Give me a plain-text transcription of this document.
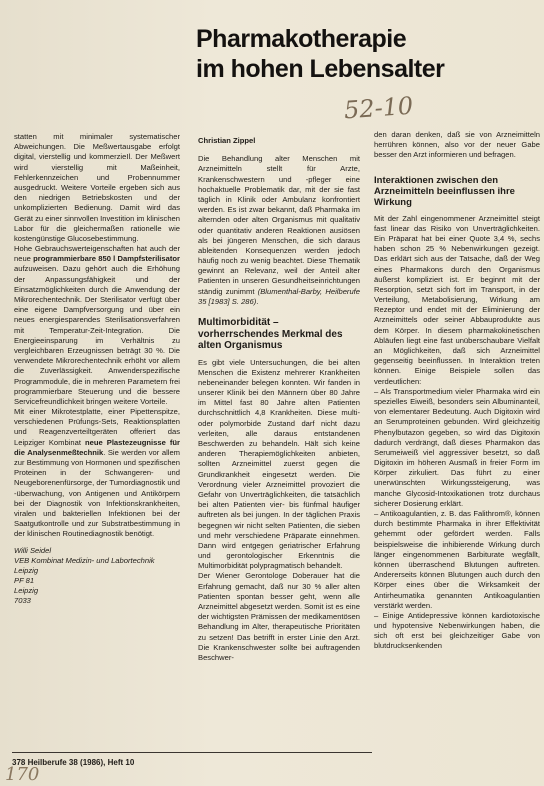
Pharmakotherapie
im hohen Lebensalter
52-10

statten mit minimaler systematischer Abweichungen. Die Meßwertausgabe erfolgt digital, vierstellig und kommerzieIl. Der Meßwert wird vierstellig mit Maßeinheit, Fehlerkennzeichen und Probennummer ausgedruckt. Weitere Vorteile ergeben sich aus den niedrigen Betriebskosten und der unkomplizierten Bedienung. Damit wird das Gerät zu einer sinnvollen Investition im klinischen Labor für die gleichermaßen rationelle wie kostengünstige Glucosebestimmung.

Hohe Gebrauchswerteigenschaften hat auch der neue programmierbare 850 l Dampfsterilisator aufzuweisen. Dazu gehört auch die Erhöhung der Anpassungsfähigkeit und der Einsatzmöglichkeiten durch die Anwendung der Mikrorechentechnik. Der Sterilisator verfügt über eine eigene Dampfversorgung und über ein neues energiesparendes Sterilisationsverfahren mit Temperatur-Zeit-Integration. Die Energieeinsparung im Verhältnis zu vergleichbaren Erzeugnissen beträgt 30 %. Die verwendete Mikrorechentechnik erhöht vor allem die Zuverlässigkeit. Anwenderspezifische Programmodule, die in mehreren Parametern frei programmierbare Steuerung und die bessere Servicefreundlichkeit bringen weitere Vorteile.

Mit einer Mikrotestplatte, einer Pipettenspitze, verschiedenen Prüfungs-Sets, Reaktionsplatten und Reagenzverteiltgeräten offeriert das Leipziger Kombinat neue Plastezeugnisse für die Analysenmeßtechnik. Sie werden vor allem zur Bestimmung von Hormonen und spezifischen Proteinen in der Schwangeren- und Neugeborenenfürsorge, der Tumordiagnostik und -überwachung, von Antigenen und Antikörpern bei der Diagnostik von Infektionskrankheiten, viralen und bakteriellen Infektionen bei der Saatgutkontrolle und zur Substratbestimmung in der klinischen Routinediagnostik benötigt.

Willi Seidel
VEB Kombinat Medizin- und Labortechnik Leipzig
PF 81
Leipzig
7033
Christian Zippel

Die Behandlung alter Menschen mit Arzneimitteln stellt für Arzte, Krankenschwestern und -pfleger eine hochaktuelle Problematik dar, mit der sie fast täglich in Klinik oder Ambulanz konfrontiert werden. Es ist zwar bekannt, daß Pharmaka im alternden oder alten Organismus mit qualitativ oder quantitativ anderen Reaktionen ausiösen als bei jüngeren Menschen, die sich daraus ableitenden Konsequenzen werden jedoch häufig noch zu wenig beachtet. Diese Thematik gewinnt an Relevanz, weil der Anteil alter Patienten in unseren Gesundheitseinrichtungen ständig zunimmt (Blumenthal-Barby, Heilberufe 35 [1983] S. 286).

Multimorbidität – vorherrschendes Merkmal des alten Organismus

Es gibt viele Untersuchungen, die bei alten Menschen die Existenz mehrerer Krankheiten nebeneinander belegen konnten. Wir fanden in unserer Klinik bei den Männern über 80 Jahre im Mittel fast 80 Jahre alten Patienten durchschnittlich 4,8 Krankheiten. Diese multi-oder polymorbide Zustand darf nicht dazu verleiten, alle daraus entstandenen Beschwerden zu behandeln. Hält sich keine anderen Therapiemöglichkeiten anbieten, sollten Arzneimittel zuerst gegen die Grundkrankheit eingesetzt werden. Die Verordnung vieler Arzneimittel provoziert die Gefahr von Unverträglichkeiten, die tatsächlich bei alten Patienten vier- bis fünfmal häufiger auftreten als bei jungen. In der täglichen Praxis begegnen wir nicht selten Patienten, die sieben und mehr verschiedene Präparate einnehmen. Dann wird entgegen geriatrischer Erfahrung und gerontologischer Erkenntnis die Multimorbidität polypragmatisch behandelt.

Der Wiener Gerontologe Doberauer hat die Erfahrung gemacht, daß nur 30 % aller alten Patienten spontan besser geht, wenn alle Arzneimittel abgesetzt werden. Somit ist es eine der wichtigsten Prämissen der medikamentösen Behandlung im Alter, therapeutische Prioritäten zu setzen! Das betrifft in erster Linie den Arzt. Die Krankenschwester sollte bei auftragenden Beschwer-

den daran denken, daß sie von Arzneimitteln herrühren können, also vor der neuer Gabe besser den Arzt informieren und befragen.

Interaktionen zwischen den Arzneimitteln beeinflussen ihre Wirkung

Mit der Zahl eingenommener Arzneimittel steigt fast linear das Risiko von Unverträglichkeiten. Ein Präparat hat bei einer Quote 3,4 %, sechs haben schon 25 % Nebenwirkungen gezeigt. Das erklärt sich aus der Tatsache, daß der Weg eines Pharmakons durch den Organismus äußerst kompliziert ist. Er beginnt mit der Resorption, setzt sich fort im Transport, in der Verteilung, Metabolisierung, Wirkung am Rezeptor und endet mit der Eliminierung der Arzneimittels oder seiner Abbauprodukte aus dem Körper. In diesem pharmakokinetischen Abläufen liegt eine fast unüberschaubare Vielfalt an Möglichkeiten, daß sich Arzneimittel gegenseitig beeinflussen. In Interaktion treten können. Einige Beispiele sollen das verdeutlichen:

– Als Transportmedium vieler Pharmaka wird ein spezielles Eiweiß, besonders sein Albuminanteil, von elementarer Bedeutung. Auch Digitoxin wird an Serumproteinen gebunden. Wird gleichzeitig Phenylbutazon gegeben, so wird das Digitoxin dadurch verdrängt, daß dieses Pharmakon das Serumeiweiß viel aggressiver besetzt, so daß Digitoxin im höheren Ausmaß in freier Form im Körper zirkuliert. Das führt zu einer unerwünschten Wirkungssteigerung, was manche Glycosid-Intoxikationen trotz durchaus sicherer Dosierung erklärt.

– Antikoagulantien, z. B. das Falithrom®, können durch bestimmte Pharmaka in ihrer Effektivität gehemmt oder gefördert werden. Falls beispielsweise die inhibierende Wirkung durch länger eingenommenen Barbiturate wegfällt, können überraschend Blutungen auftreten. Andererseits können Blutungen auch durch den Körper eines über die Wirksamkeit der Antirheumatika genannten Antikoagulantien verstärkt werden.

– Einige Antidepressive können kardiotoxische und hypotensive Nebenwirkungen haben, die sich oft erst bei gleichzeitiger Gabe von blutdrucksenkenden

378 Heilberufe 38 (1986), Heft 10
170
